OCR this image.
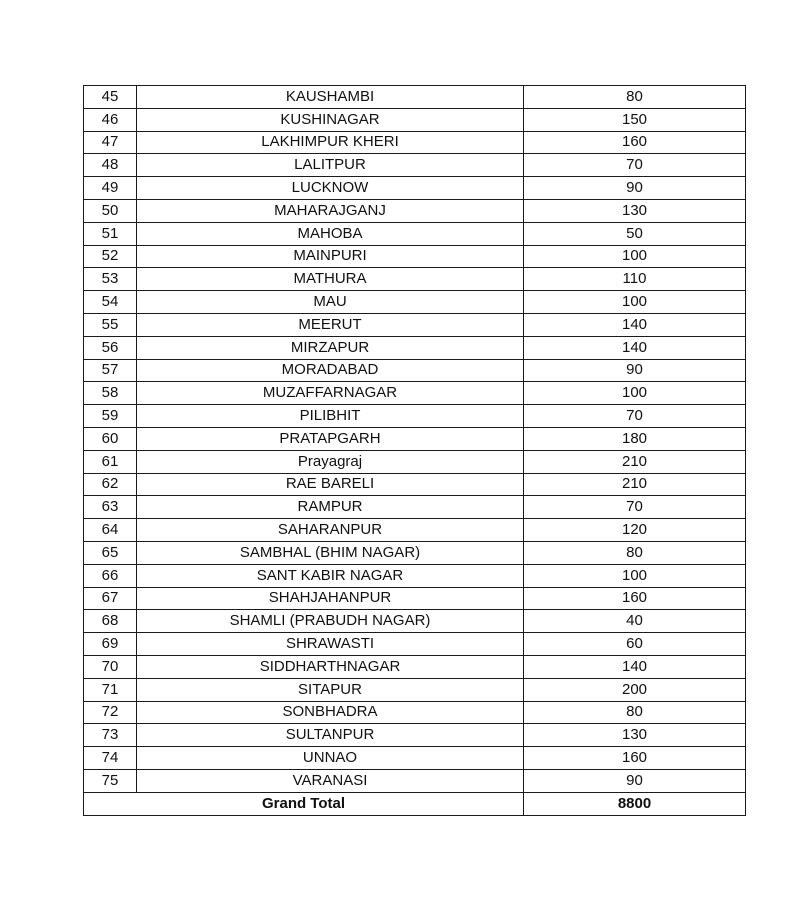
45	KAUSHAMBI	80
46	KUSHINAGAR	150
47	LAKHIMPUR KHERI	160
48	LALITPUR	70
49	LUCKNOW	90
50	MAHARAJGANJ	130
51	MAHOBA	50
52	MAINPURI	100
53	MATHURA	110
54	MAU	100
55	MEERUT	140
56	MIRZAPUR	140
57	MORADABAD	90
58	MUZAFFARNAGAR	100
59	PILIBHIT	70
60	PRATAPGARH	180
61	Prayagraj	210
62	RAE BARELI	210
63	RAMPUR	70
64	SAHARANPUR	120
65	SAMBHAL (BHIM NAGAR)	80
66	SANT KABIR NAGAR	100
67	SHAHJAHANPUR	160
68	SHAMLI (PRABUDH NAGAR)	40
69	SHRAWASTI	60
70	SIDDHARTHNAGAR	140
71	SITAPUR	200
72	SONBHADRA	80
73	SULTANPUR	130
74	UNNAO	160
75	VARANASI	90
Grand Total		8800
